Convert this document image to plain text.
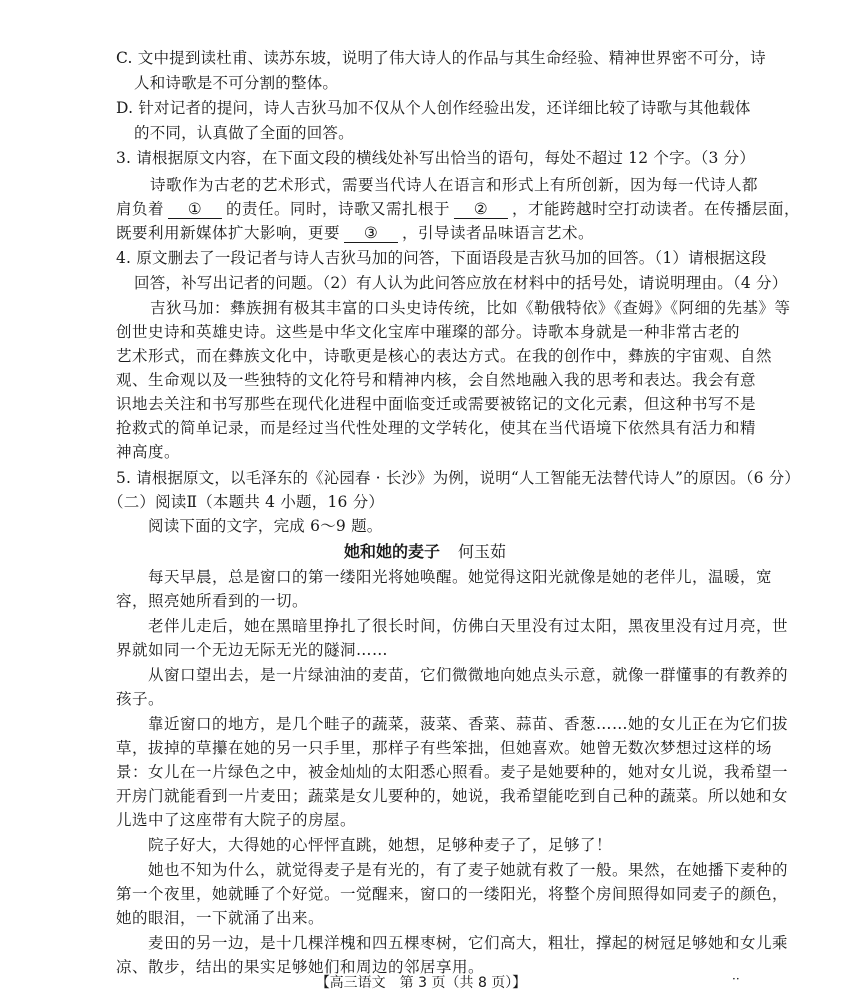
C. 文中提到读杜甫、读苏东坡，说明了伟大诗人的作品与其生命经验、精神世界密不可分，诗
人和诗歌是不可分割的整体。
D. 针对记者的提问，诗人吉狄马加不仅从个人创作经验出发，还详细比较了诗歌与其他载体
的不同，认真做了全面的回答。
3. 请根据原文内容，在下面文段的横线处补写出恰当的语句，每处不超过 12 个字。（3 分）
诗歌作为古老的艺术形式，需要当代诗人在语言和形式上有所创新，因为每一代诗人都
肩负着 ① 的责任。同时，诗歌又需扎根于 ② ，才能跨越时空打动读者。在传播层面，
既要利用新媒体扩大影响，更要 ③ ，引导读者品味语言艺术。
4. 原文删去了一段记者与诗人吉狄马加的问答，下面语段是吉狄马加的回答。（1）请根据这段
回答，补写出记者的问题。（2）有人认为此问答应放在材料中的括号处，请说明理由。（4 分）
吉狄马加：彝族拥有极其丰富的口头史诗传统，比如《勒俄特依》《查姆》《阿细的先基》等
创世史诗和英雄史诗。这些是中华文化宝库中璀璨的部分。诗歌本身就是一种非常古老的
艺术形式，而在彝族文化中，诗歌更是核心的表达方式。在我的创作中，彝族的宇宙观、自然
观、生命观以及一些独特的文化符号和精神内核，会自然地融入我的思考和表达。我会有意
识地去关注和书写那些在现代化进程中面临变迁或需要被铭记的文化元素，但这种书写不是
抢救式的简单记录，而是经过当代性处理的文学转化，使其在当代语境下依然具有活力和精
神高度。
5. 请根据原文，以毛泽东的《沁园春 · 长沙》为例，说明“人工智能无法替代诗人”的原因。（6 分）
（二）阅读Ⅱ（本题共 4 小题，16 分）
阅读下面的文字，完成 6～9 题。
她和她的麦子 何玉茹
每天早晨，总是窗口的第一缕阳光将她唤醒。她觉得这阳光就像是她的老伴儿，温暖，宽
容，照亮她所看到的一切。
老伴儿走后，她在黑暗里挣扎了很长时间，仿佛白天里没有过太阳，黑夜里没有过月亮，世
界就如同一个无边无际无光的隧洞……
从窗口望出去，是一片绿油油的麦苗，它们微微地向她点头示意，就像一群懂事的有教养的
孩子。
靠近窗口的地方，是几个畦子的蔬菜，菠菜、香菜、蒜苗、香葱……她的女儿正在为它们拔
草，拔掉的草攥在她的另一只手里，那样子有些笨拙，但她喜欢。她曾无数次梦想过这样的场
景：女儿在一片绿色之中，被金灿灿的太阳悉心照看。麦子是她要种的，她对女儿说，我希望一
开房门就能看到一片麦田；蔬菜是女儿要种的，她说，我希望能吃到自己种的蔬菜。所以她和女
儿选中了这座带有大院子的房屋。
院子好大，大得她的心怦怦直跳，她想，足够种麦子了，足够了！
她也不知为什么，就觉得麦子是有光的，有了麦子她就有救了一般。果然，在她播下麦种的
第一个夜里，她就睡了个好觉。一觉醒来，窗口的一缕阳光，将整个房间照得如同麦子的颜色，
她的眼泪，一下就涌了出来。
麦田的另一边，是十几棵洋槐和四五棵枣树，它们高大，粗壮，撑起的树冠足够她和女儿乘
凉、散步，结出的果实足够她们和周边的邻居享用。
【高三语文　第 3 页（共 8 页）】	··
